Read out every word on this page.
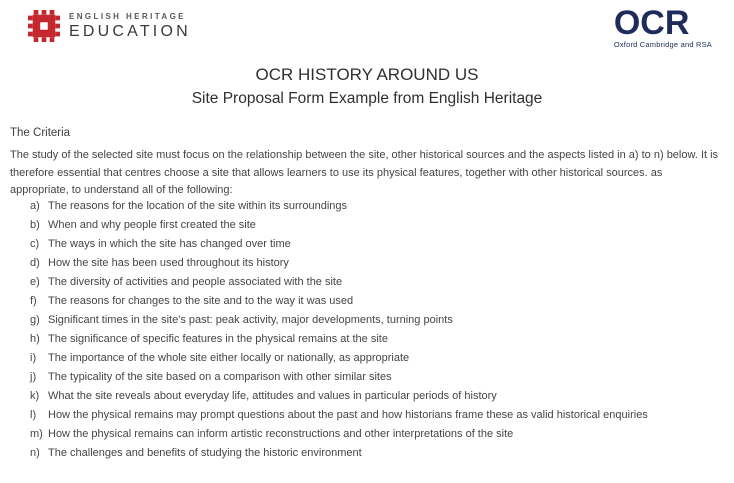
ENGLISH HERITAGE
EDUCATION	OCR
Oxford Cambridge and RSA
OCR HISTORY AROUND US
Site Proposal Form Example from English Heritage
The Criteria
The study of the selected site must focus on the relationship between the site, other historical sources and the aspects listed in a) to n) below. It is therefore essential that centres choose a site that allows learners to use its physical features, together with other historical sources. as appropriate, to understand all of the following:
a) The reasons for the location of the site within its surroundings
b) When and why people first created the site
c) The ways in which the site has changed over time
d) How the site has been used throughout its history
e) The diversity of activities and people associated with the site
f)	The reasons for changes to the site and to the way it was used
g) Significant times in the site's past: peak activity, major developments, turning points
h) The significance of specific features in the physical remains at the site
i)	The importance of the whole site either locally or nationally, as appropriate
j)	The typicality of the site based on a comparison with other similar sites
k) What the site reveals about everyday life, attitudes and values in particular periods of history
l)	How the physical remains may prompt questions about the past and how historians frame these as valid historical enquiries
m) How the physical remains can inform artistic reconstructions and other interpretations of the site
n) The challenges and benefits of studying the historic environment
